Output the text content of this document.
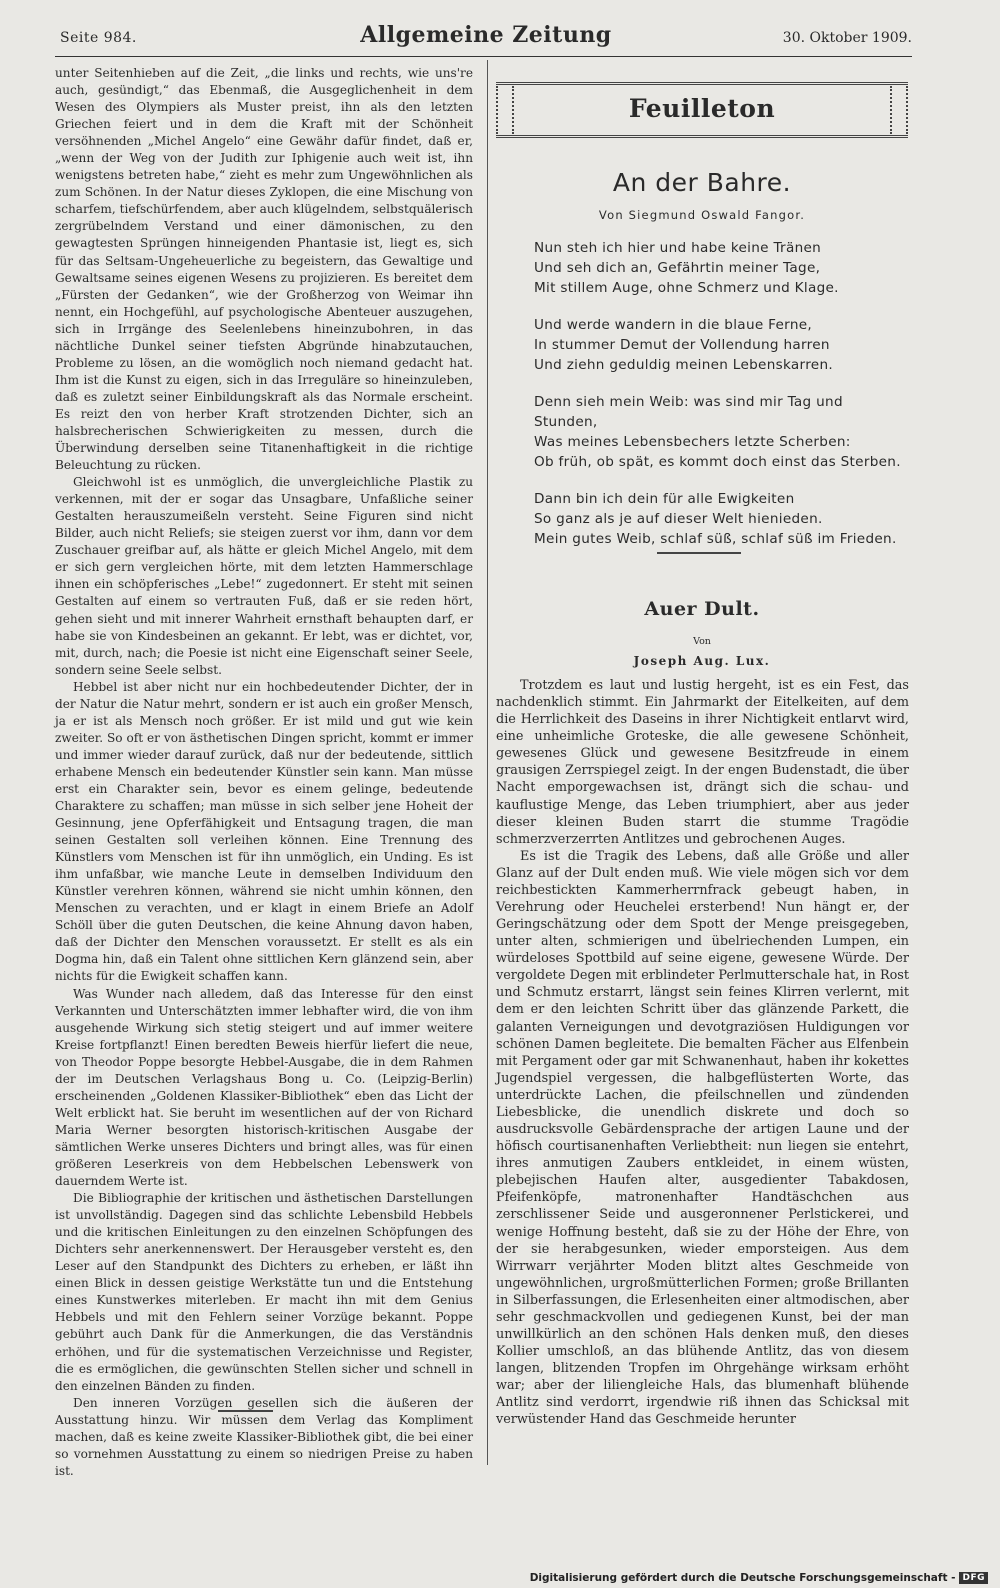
Seite 984.	Allgemeine Zeitung	30. Oktober 1909.

unter Seitenhieben auf die Zeit, „die links und rechts, wie uns're auch, gesündigt,“ das Ebenmaß, die Ausgeglichenheit in dem Wesen des Olympiers als Muster preist, ihn als den letzten Griechen feiert und in dem die Kraft mit der Schönheit versöhnenden „Michel Angelo“ eine Gewähr dafür findet, daß er, „wenn der Weg von der Judith zur Iphigenie auch weit ist, ihn wenigstens betreten habe,“ zieht es mehr zum Ungewöhnlichen als zum Schönen. In der Natur dieses Zyklopen, die eine Mischung von scharfem, tiefschürfendem, aber auch klügelndem, selbstquälerisch zergrübelndem Verstand und einer dämonischen, zu den gewagtesten Sprüngen hinneigenden Phantasie ist, liegt es, sich für das Seltsam-Ungeheuerliche zu begeistern, das Gewaltige und Gewaltsame seines eigenen Wesens zu projizieren. Es bereitet dem „Fürsten der Gedanken“, wie der Großherzog von Weimar ihn nennt, ein Hochgefühl, auf psychologische Abenteuer auszugehen, sich in Irrgänge des Seelenlebens hineinzubohren, in das nächtliche Dunkel seiner tiefsten Abgründe hinabzutauchen, Probleme zu lösen, an die womöglich noch niemand gedacht hat. Ihm ist die Kunst zu eigen, sich in das Irreguläre so hineinzuleben, daß es zuletzt seiner Einbildungskraft als das Normale erscheint. Es reizt den von herber Kraft strotzenden Dichter, sich an halsbrecherischen Schwierigkeiten zu messen, durch die Überwindung derselben seine Titanenhaftigkeit in die richtige Beleuchtung zu rücken.

Gleichwohl ist es unmöglich, die unvergleichliche Plastik zu verkennen, mit der er sogar das Unsagbare, Unfaßliche seiner Gestalten herauszumeißeln versteht. Seine Figuren sind nicht Bilder, auch nicht Reliefs; sie steigen zuerst vor ihm, dann vor dem Zuschauer greifbar auf, als hätte er gleich Michel Angelo, mit dem er sich gern vergleichen hörte, mit dem letzten Hammerschlage ihnen ein schöpferisches „Lebe!“ zugedonnert. Er steht mit seinen Gestalten auf einem so vertrauten Fuß, daß er sie reden hört, gehen sieht und mit innerer Wahrheit ernsthaft behaupten darf, er habe sie von Kindesbeinen an gekannt. Er lebt, was er dichtet, vor, mit, durch, nach; die Poesie ist nicht eine Eigenschaft seiner Seele, sondern seine Seele selbst.

Hebbel ist aber nicht nur ein hochbedeutender Dichter, der in der Natur die Natur mehrt, sondern er ist auch ein großer Mensch, ja er ist als Mensch noch größer. Er ist mild und gut wie kein zweiter. So oft er von ästhetischen Dingen spricht, kommt er immer und immer wieder darauf zurück, daß nur der bedeutende, sittlich erhabene Mensch ein bedeutender Künstler sein kann. Man müsse erst ein Charakter sein, bevor es einem gelinge, bedeutende Charaktere zu schaffen; man müsse in sich selber jene Hoheit der Gesinnung, jene Opferfähigkeit und Entsagung tragen, die man seinen Gestalten soll verleihen können. Eine Trennung des Künstlers vom Menschen ist für ihn unmöglich, ein Unding. Es ist ihm unfaßbar, wie manche Leute in demselben Individuum den Künstler verehren können, während sie nicht umhin können, den Menschen zu verachten, und er klagt in einem Briefe an Adolf Schöll über die guten Deutschen, die keine Ahnung davon haben, daß der Dichter den Menschen voraussetzt. Er stellt es als ein Dogma hin, daß ein Talent ohne sittlichen Kern glänzend sein, aber nichts für die Ewigkeit schaffen kann.

Was Wunder nach alledem, daß das Interesse für den einst Verkannten und Unterschätzten immer lebhafter wird, die von ihm ausgehende Wirkung sich stetig steigert und auf immer weitere Kreise fortpflanzt! Einen beredten Beweis hierfür liefert die neue, von Theodor Poppe besorgte Hebbel-Ausgabe, die in dem Rahmen der im Deutschen Verlagshaus Bong u. Co. (Leipzig-Berlin) erscheinenden „Goldenen Klassiker-Bibliothek“ eben das Licht der Welt erblickt hat. Sie beruht im wesentlichen auf der von Richard Maria Werner besorgten historisch-kritischen Ausgabe der sämtlichen Werke unseres Dichters und bringt alles, was für einen größeren Leserkreis von dem Hebbelschen Lebenswerk von dauerndem Werte ist.

Die Bibliographie der kritischen und ästhetischen Darstellungen ist unvollständig. Dagegen sind das schlichte Lebensbild Hebbels und die kritischen Einleitungen zu den einzelnen Schöpfungen des Dichters sehr anerkennenswert. Der Herausgeber versteht es, den Leser auf den Standpunkt des Dichters zu erheben, er läßt ihn einen Blick in dessen geistige Werkstätte tun und die Entstehung eines Kunstwerkes miterleben. Er macht ihn mit dem Genius Hebbels und mit den Fehlern seiner Vorzüge bekannt. Poppe gebührt auch Dank für die Anmerkungen, die das Verständnis erhöhen, und für die systematischen Verzeichnisse und Register, die es ermöglichen, die gewünschten Stellen sicher und schnell in den einzelnen Bänden zu finden.

Den inneren Vorzügen gesellen sich die äußeren der Ausstattung hinzu. Wir müssen dem Verlag das Kompliment machen, daß es keine zweite Klassiker-Bibliothek gibt, die bei einer so vornehmen Ausstattung zu einem so niedrigen Preise zu haben ist.

Feuilleton
An der Bahre.
Von Siegmund Oswald Fangor.
Nun steh ich hier und habe keine Tränen
Und seh dich an, Gefährtin meiner Tage,
Mit stillem Auge, ohne Schmerz und Klage.
Und werde wandern in die blaue Ferne,
In stummer Demut der Vollendung harren
Und ziehn geduldig meinen Lebenskarren.
Denn sieh mein Weib: was sind mir Tag und Stunden,
Was meines Lebensbechers letzte Scherben:
Ob früh, ob spät, es kommt doch einst das Sterben.
Dann bin ich dein für alle Ewigkeiten
So ganz als je auf dieser Welt hienieden.
Mein gutes Weib, schlaf süß, schlaf süß im Frieden.
Auer Dult.
Von
Joseph Aug. Lux.

Trotzdem es laut und lustig hergeht, ist es ein Fest, das nachdenklich stimmt. Ein Jahrmarkt der Eitelkeiten, auf dem die Herrlichkeit des Daseins in ihrer Nichtigkeit entlarvt wird, eine unheimliche Groteske, die alle gewesene Schönheit, gewesenes Glück und gewesene Besitzfreude in einem grausigen Zerrspiegel zeigt. In der engen Budenstadt, die über Nacht emporgewachsen ist, drängt sich die schau- und kauflustige Menge, das Leben triumphiert, aber aus jeder dieser kleinen Buden starrt die stumme Tragödie schmerzverzerrten Antlitzes und gebrochenen Auges.

Es ist die Tragik des Lebens, daß alle Größe und aller Glanz auf der Dult enden muß. Wie viele mögen sich vor dem reichbestickten Kammerherrnfrack gebeugt haben, in Verehrung oder Heuchelei ersterbend! Nun hängt er, der Geringschätzung oder dem Spott der Menge preisgegeben, unter alten, schmierigen und übelriechenden Lumpen, ein würdeloses Spottbild auf seine eigene, gewesene Würde. Der vergoldete Degen mit erblindeter Perlmutterschale hat, in Rost und Schmutz erstarrt, längst sein feines Klirren verlernt, mit dem er den leichten Schritt über das glänzende Parkett, die galanten Verneigungen und devotgraziösen Huldigungen vor schönen Damen begleitete. Die bemalten Fächer aus Elfenbein mit Pergament oder gar mit Schwanenhaut, haben ihr kokettes Jugendspiel vergessen, die halbgeflüsterten Worte, das unterdrückte Lachen, die pfeilschnellen und zündenden Liebesblicke, die unendlich diskrete und doch so ausdrucksvolle Gebärdensprache der artigen Laune und der höfisch courtisanenhaften Verliebtheit: nun liegen sie entehrt, ihres anmutigen Zaubers entkleidet, in einem wüsten, plebejischen Haufen alter, ausgedienter Tabakdosen, Pfeifenköpfe, matronenhafter Handtäschchen aus zerschlissener Seide und ausgeronnener Perlstickerei, und wenige Hoffnung besteht, daß sie zu der Höhe der Ehre, von der sie herabgesunken, wieder emporsteigen. Aus dem Wirrwarr verjährter Moden blitzt altes Geschmeide von ungewöhnlichen, urgroßmütterlichen Formen; große Brillanten in Silberfassungen, die Erlesenheiten einer altmodischen, aber sehr geschmackvollen und gediegenen Kunst, bei der man unwillkürlich an den schönen Hals denken muß, den dieses Kollier umschloß, an das blühende Antlitz, das von diesem langen, blitzenden Tropfen im Ohrgehänge wirksam erhöht war; aber der liliengleiche Hals, das blumenhaft blühende Antlitz sind verdorrt, irgendwie riß ihnen das Schicksal mit verwüstender Hand das Geschmeide herunter

Digitalisierung gefördert durch die Deutsche Forschungsgemeinschaft - DFG
